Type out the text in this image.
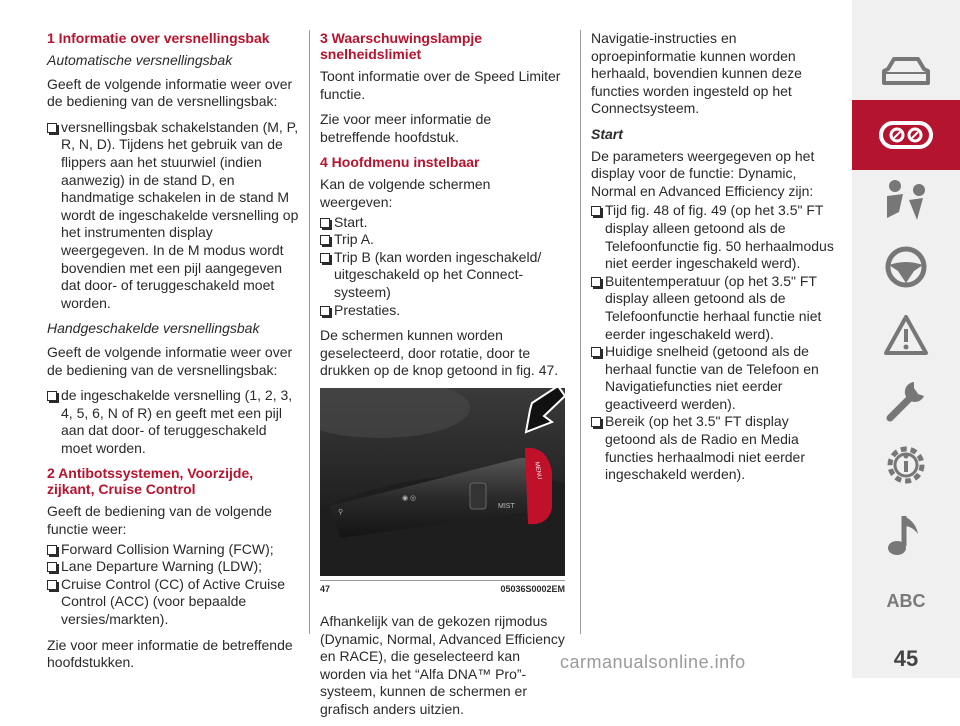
1 Informatie over versnellingsbak
Automatische versnellingsbak

Geeft de volgende informatie weer over de bediening van de versnellingsbak:

versnellingsbak schakelstanden (M, P, R, N, D). Tijdens het gebruik van de flippers aan het stuurwiel (indien aanwezig) in de stand D, en handmatige schakelen in de stand M wordt de ingeschakelde versnelling op het instrumenten display weergegeven. In de M modus wordt bovendien met een pijl aangegeven dat door- of teruggeschakeld moet worden.
Handgeschakelde versnellingsbak

Geeft de volgende informatie weer over de bediening van de versnellingsbak:

de ingeschakelde versnelling (1, 2, 3, 4, 5, 6, N of R) en geeft met een pijl aan dat door- of teruggeschakeld moet worden.
2 Antibotssystemen, Voorzijde, zijkant, Cruise Control

Geeft de bediening van de volgende functie weer:

Forward Collision Warning (FCW);
Lane Departure Warning (LDW);
Cruise Control (CC) of Active Cruise Control (ACC) (voor bepaalde versies/markten).

Zie voor meer informatie de betreffende hoofdstukken.

3 Waarschuwingslampje snelheidslimiet

Toont informatie over de Speed Limiter functie.

Zie voor meer informatie de betreffende hoofdstuk.

4 Hoofdmenu instelbaar

Kan de volgende schermen weergeven:

Start.
Trip A.
Trip B (kan worden ingeschakeld/ uitgeschakeld op het Connect-systeem)
Prestaties.

De schermen kunnen worden geselecteerd, door rotatie, door te drukken op de knop getoond in fig. 47.

◉ ◎
⚲
MIST
MENU
47	05036S0002EM

Afhankelijk van de gekozen rijmodus (Dynamic, Normal, Advanced Efficiency en RACE), die geselecteerd kan worden via het “Alfa DNA™ Pro”-systeem, kunnen de schermen er grafisch anders uitzien.

Navigatie-instructies en oproepinformatie kunnen worden herhaald, bovendien kunnen deze functies worden ingesteld op het Connectsysteem.

Start

De parameters weergegeven op het display voor de functie: Dynamic, Normal en Advanced Efficiency zijn:

Tijd fig. 48 of fig. 49 (op het 3.5" FT display alleen getoond als de Telefoonfunctie fig. 50 herhaalmodus niet eerder ingeschakeld werd).
Buitentemperatuur (op het 3.5" FT display alleen getoond als de Telefoonfunctie herhaal functie niet eerder ingeschakeld werd).
Huidige snelheid (getoond als de herhaal functie van de Telefoon en Navigatiefuncties niet eerder geactiveerd werden).
Bereik (op het 3.5" FT display getoond als de Radio en Media functies herhaalmodi niet eerder ingeschakeld werden).
ABC
45
carmanualsonline.info
